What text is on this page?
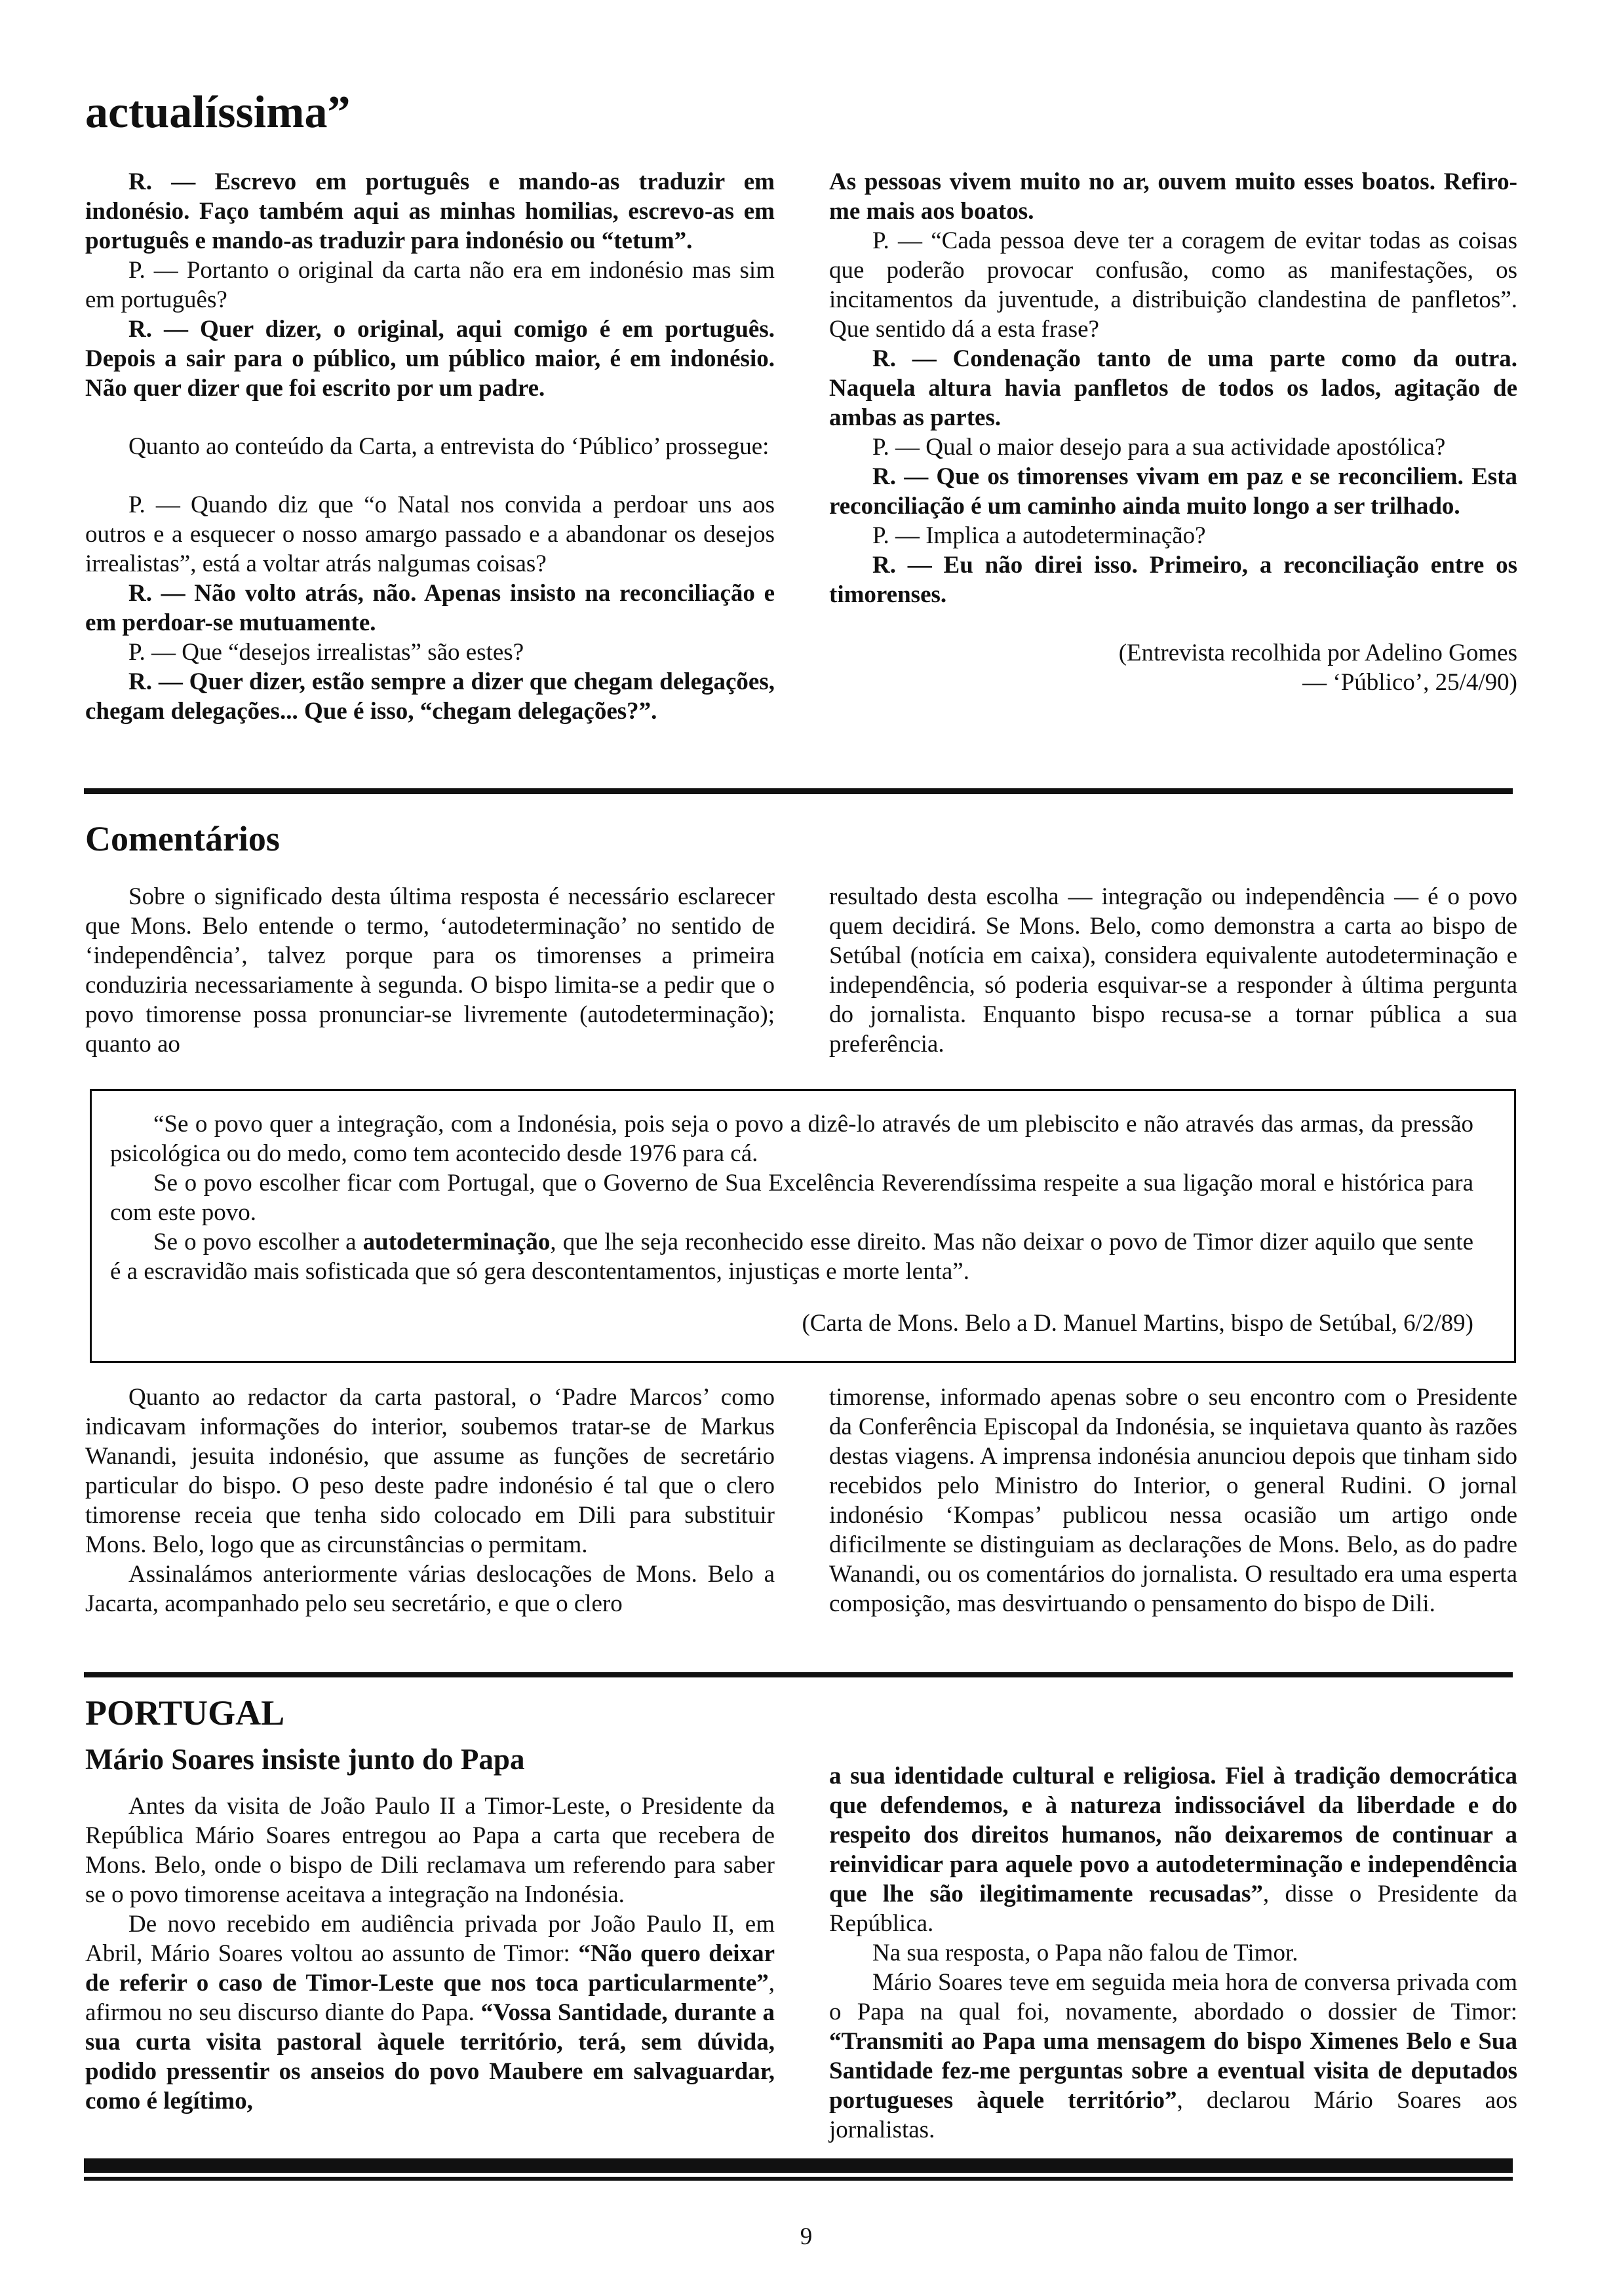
actualíssima”

R. — Escrevo em português e mando-as traduzir em indonésio. Faço também aqui as minhas homilias, escrevo-as em português e mando-as traduzir para indonésio ou “tetum”.

P. — Portanto o original da carta não era em indonésio mas sim em português?

R. — Quer dizer, o original, aqui comigo é em português. Depois a sair para o público, um público maior, é em indonésio. Não quer dizer que foi escrito por um padre.

Quanto ao conteúdo da Carta, a entrevista do ‘Público’ prossegue:

P. — Quando diz que “o Natal nos convida a perdoar uns aos outros e a esquecer o nosso amargo passado e a abandonar os desejos irrealistas”, está a voltar atrás nalgumas coisas?

R. — Não volto atrás, não. Apenas insisto na reconciliação e em perdoar-se mutuamente.

P. — Que “desejos irrealistas” são estes?

R. — Quer dizer, estão sempre a dizer que chegam delegações, chegam delegações... Que é isso, “chegam delegações?”.

As pessoas vivem muito no ar, ouvem muito esses boatos. Refiro-me mais aos boatos.

P. — “Cada pessoa deve ter a coragem de evitar todas as coisas que poderão provocar confusão, como as manifestações, os incitamentos da juventude, a distribuição clandestina de panfletos”. Que sentido dá a esta frase?

R. — Condenação tanto de uma parte como da outra. Naquela altura havia panfletos de todos os lados, agitação de ambas as partes.

P. — Qual o maior desejo para a sua actividade apostólica?

R. — Que os timorenses vivam em paz e se reconciliem. Esta reconciliação é um caminho ainda muito longo a ser trilhado.

P. — Implica a autodeterminação?

R. — Eu não direi isso. Primeiro, a reconciliação entre os timorenses.

(Entrevista recolhida por Adelino Gomes

— ‘Público’, 25/4/90)

Comentários

Sobre o significado desta última resposta é necessário esclarecer que Mons. Belo entende o termo, ‘autodeterminação’ no sentido de ‘independência’, talvez porque para os timorenses a primeira conduziria necessariamente à segunda. O bispo limita-se a pedir que o povo timorense possa pronunciar-se livremente (autodeterminação); quanto ao

resultado desta escolha — integração ou independência — é o povo quem decidirá. Se Mons. Belo, como demonstra a carta ao bispo de Setúbal (notícia em caixa), considera equivalente autodeterminação e independência, só poderia esquivar-se a responder à última pergunta do jornalista. Enquanto bispo recusa-se a tornar pública a sua preferência.

“Se o povo quer a integração, com a Indonésia, pois seja o povo a dizê-lo através de um plebiscito e não através das armas, da pressão psicológica ou do medo, como tem acontecido desde 1976 para cá.

Se o povo escolher ficar com Portugal, que o Governo de Sua Excelência Reverendíssima respeite a sua ligação moral e histórica para com este povo.

Se o povo escolher a autodeterminação, que lhe seja reconhecido esse direito. Mas não deixar o povo de Timor dizer aquilo que sente é a escravidão mais sofisticada que só gera descontentamentos, injustiças e morte lenta”.

(Carta de Mons. Belo a D. Manuel Martins, bispo de Setúbal, 6/2/89)

Quanto ao redactor da carta pastoral, o ‘Padre Marcos’ como indicavam informações do interior, soubemos tratar-se de Markus Wanandi, jesuita indonésio, que assume as funções de secretário particular do bispo. O peso deste padre indonésio é tal que o clero timorense receia que tenha sido colocado em Dili para substituir Mons. Belo, logo que as circunstâncias o permitam.

Assinalámos anteriormente várias deslocações de Mons. Belo a Jacarta, acompanhado pelo seu secretário, e que o clero

timorense, informado apenas sobre o seu encontro com o Presidente da Conferência Episcopal da Indonésia, se inquietava quanto às razões destas viagens. A imprensa indonésia anunciou depois que tinham sido recebidos pelo Ministro do Interior, o general Rudini. O jornal indonésio ‘Kompas’ publicou nessa ocasião um artigo onde dificilmente se distinguiam as declarações de Mons. Belo, as do padre Wanandi, ou os comentários do jornalista. O resultado era uma esperta composição, mas desvirtuando o pensamento do bispo de Dili.

PORTUGAL
Mário Soares insiste junto do Papa

Antes da visita de João Paulo II a Timor-Leste, o Presidente da República Mário Soares entregou ao Papa a carta que recebera de Mons. Belo, onde o bispo de Dili reclamava um referendo para saber se o povo timorense aceitava a integração na Indonésia.

De novo recebido em audiência privada por João Paulo II, em Abril, Mário Soares voltou ao assunto de Timor: “Não quero deixar de referir o caso de Timor-Leste que nos toca particularmente”, afirmou no seu discurso diante do Papa. “Vossa Santidade, durante a sua curta visita pastoral àquele território, terá, sem dúvida, podido pressentir os anseios do povo Maubere em salvaguardar, como é legítimo,

a sua identidade cultural e religiosa. Fiel à tradição democrática que defendemos, e à natureza indissociável da liberdade e do respeito dos direitos humanos, não deixaremos de continuar a reinvidicar para aquele povo a autodeterminação e independência que lhe são ilegitimamente recusadas”, disse o Presidente da República.

Na sua resposta, o Papa não falou de Timor.

Mário Soares teve em seguida meia hora de conversa privada com o Papa na qual foi, novamente, abordado o dossier de Timor: “Transmiti ao Papa uma mensagem do bispo Ximenes Belo e Sua Santidade fez-me perguntas sobre a eventual visita de deputados portugueses àquele território”, declarou Mário Soares aos jornalistas.

9
